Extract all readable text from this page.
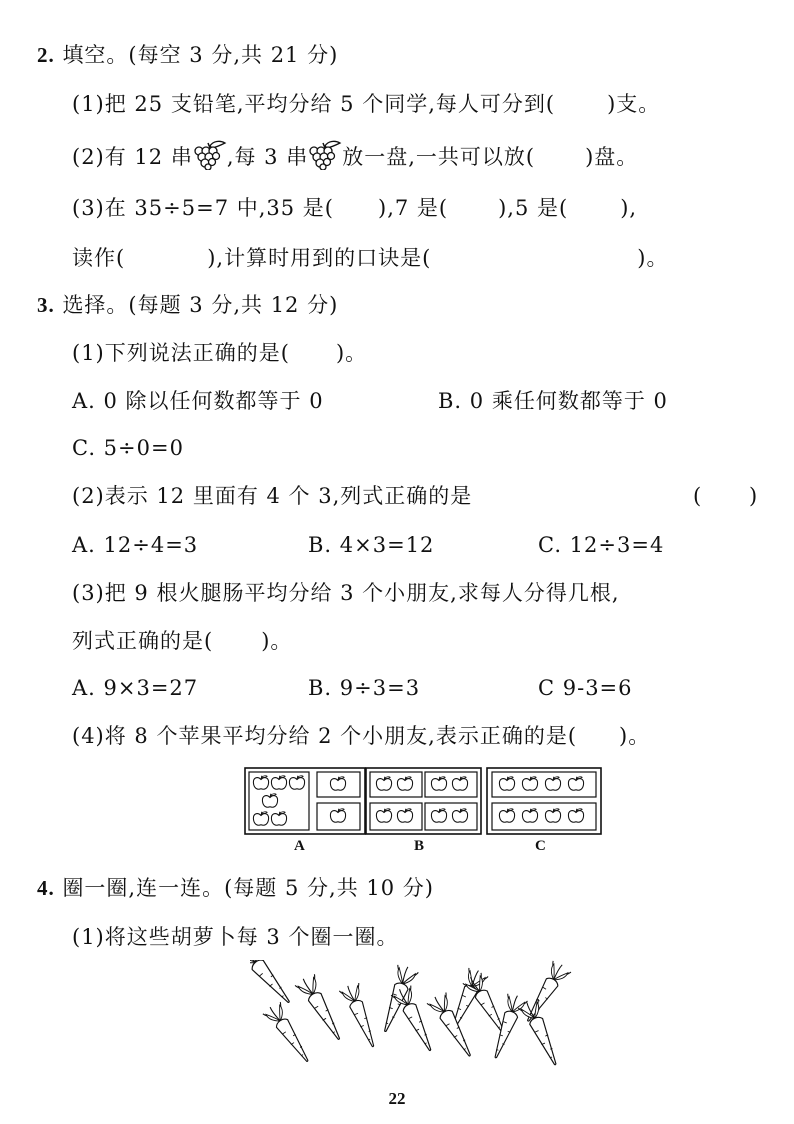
2. 填空。(每空 3 分,共 21 分)
(1)把 25 支铅笔,平均分给 5 个同学,每人可分到( )支。
(2)有 12 串 ,每 3 串 放一盘,一共可以放( )盘。
(3)在 35÷5=7 中,35 是( ),7 是( ),5 是( ),
读作(	),计算时用到的口诀是(	)。
3. 选择。(每题 3 分,共 12 分)
(1)下列说法正确的是( )。
A. 0 除以任何数都等于 0	B. 0 乘任何数都等于 0
C. 5÷0=0
(2)表示 12 里面有 4 个 3,列式正确的是	( )
A. 12÷4=3	B. 4×3=12	C. 12÷3=4
(3)把 9 根火腿肠平均分给 3 个小朋友,求每人分得几根,
列式正确的是( )。
A. 9×3=27	B. 9÷3=3	C 9-3=6
(4)将 8 个苹果平均分给 2 个小朋友,表示正确的是( )。
A	B	C
4. 圈一圈,连一连。(每题 5 分,共 10 分)
(1)将这些胡萝卜每 3 个圈一圈。
22
